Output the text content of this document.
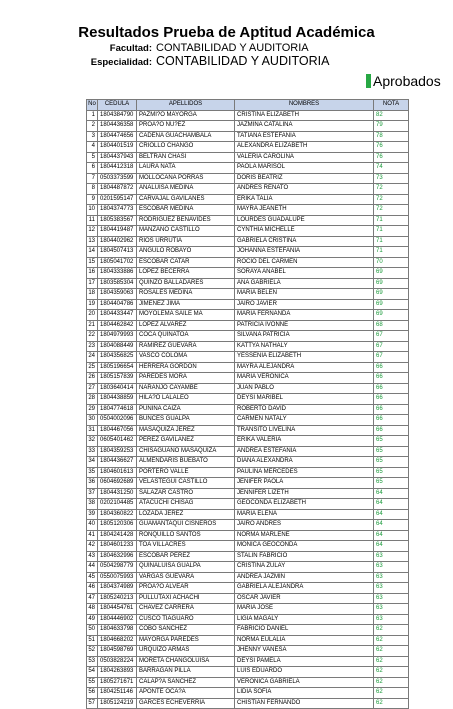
Resultados Prueba de Aptitud Académica
Facultad: CONTABILIDAD Y AUDITORIA
Especialidad: CONTABILIDAD Y AUDITORIA
Aprobados
No	CEDULA	APELLIDOS	NOMBRES	NOTA
1	1804384790	PAZMI?O MAYORGA	CRISTINA ELIZABETH	82
2	1804436358	PROA?O NU?EZ	JAZMINA CATALINA	79
3	1804474656	CADENA GUACHAMBALA	TATIANA ESTEFANIA	78
4	1804401519	CRIOLLO CHANGO	ALEXANDRA ELIZABETH	76
5	1804437943	BELTRAN CHASI	VALERIA CAROLINA	76
6	1804412318	LAURA NATA	PAOLA MARISOL	74
7	0503373599	MOLLOCANA PORRAS	DORIS BEATRIZ	73
8	1804487872	ANALUISA MEDINA	ANDRES RENATO	72
9	0201595147	CARVAJAL GAVILANES	ERIKA TALIA	72
10	1804374773	ESCOBAR MEDINA	MAYRA JEANETH	72
11	1805383567	RODRIGUEZ BENAVIDES	LOURDES GUADALUPE	71
12	1804419487	MANZANO CASTILLO	CYNTHIA MICHELLE	71
13	1804402962	RIOS URRUTIA	GABRIELA CRISTINA	71
14	1804507413	ANGULO ROBAYO	JOHANNA ESTEFANIA	71
15	1805041702	ESCOBAR CATAR	ROCIO DEL CARMEN	70
16	1804333886	LOPEZ BECERRA	SORAYA ANABEL	69
17	1803585304	QUINZO BALLADARES	ANA GABRIELA	69
18	1804359063	ROSALES MEDINA	MARIA BELEN	69
19	1804404786	JIMENEZ JIMA	JAIRO JAVIER	69
20	1804433447	MOYOLEMA SAILE MA	MARIA FERNANDA	69
21	1804462842	LOPEZ ALVAREZ	PATRICIA IVONNE	68
22	1804979993	COCA QUINATOA	SILVANA PATRICIA	67
23	1804088449	RAMIREZ GUEVARA	KATTYA NATHALY	67
24	1804356825	VASCO COLOMA	YESSENIA ELIZABETH	67
25	1805196654	HERRERA GORDON	MAYRA ALEJANDRA	66
26	1805157839	PAREDES MORA	MARIA VERONICA	66
27	1803640414	NARANJO CAYAMBE	JUAN PABLO	66
28	1804438859	HILA?O LALALEO	DEYSI MARIBEL	66
29	1804774618	PUNINA CAIZA	ROBERTO DAVID	66
30	0504002096	BUNCES GUALPA	CARMEN NATALY	66
31	1804467056	MASAQUIZA JEREZ	TRANSITO LIVELINA	66
32	0605401462	PEREZ GAVILANEZ	ERIKA VALERIA	65
33	1804359253	CHISAGUANO MASAQUIZA	ANDREA ESTEFANIA	65
34	1804436627	ALMENDARIS BUEBATO	DIANA ALEXANDRA	65
35	1804601613	PORTERO VALLE	PAULINA MERCEDES	65
36	0604692689	VELASTEGUI CASTILLO	JENIFER PAOLA	65
37	1804431250	SALAZAR CASTRO	JENNIFER LIZETH	64
38	0202104485	ATACUCHI CHISAG	GEOCONDA ELIZABETH	64
39	1804360822	LOZADA JEREZ	MARIA ELENA	64
40	1805120306	GUAMANTAQUI CISNEROS	JAIRO ANDRES	64
41	1804241428	RONQUILLO SANTOS	NORMA MARLENE	64
42	1804601233	TOA VILLACRES	MONICA GEOCONDA	64
43	1804632996	ESCOBAR PEREZ	STALIN FABRICIO	63
44	0504298779	QUINALUISA GUALPA	CRISTINA ZULAY	63
45	0550075993	VARGAS GUEVARA	ANDREA JAZMIN	63
46	1804374989	PROA?O ALVEAR	GABRIELA ALEJANDRA	63
47	1805240213	PULLUTAXI ACHACHI	OSCAR JAVIER	63
48	1804454761	CHAVEZ CARRERA	MARIA JOSE	63
49	1804446902	CUSCO TIAGUARO	LIGIA MAGALY	63
50	1804633798	COBO SANCHEZ	FABRICIO DANIEL	62
51	1804668202	MAYORGA PAREDES	NORMA EULALIA	62
52	1804598769	URQUIZO ARMAS	JHENNY VANESA	62
53	0503828224	MORETA CHANGOLUISA	DEYSI PAMELA	62
54	1804263893	BARRAGAN PILLA	LUIS EDUARDO	62
55	1805271671	CALAP?A SANCHEZ	VERONICA GABRIELA	62
56	1804251146	APONTE OCA?A	LIDIA SOFIA	62
57	1805124219	GARCES ECHEVERRIA	CHISTIAN FERNANDO	62
